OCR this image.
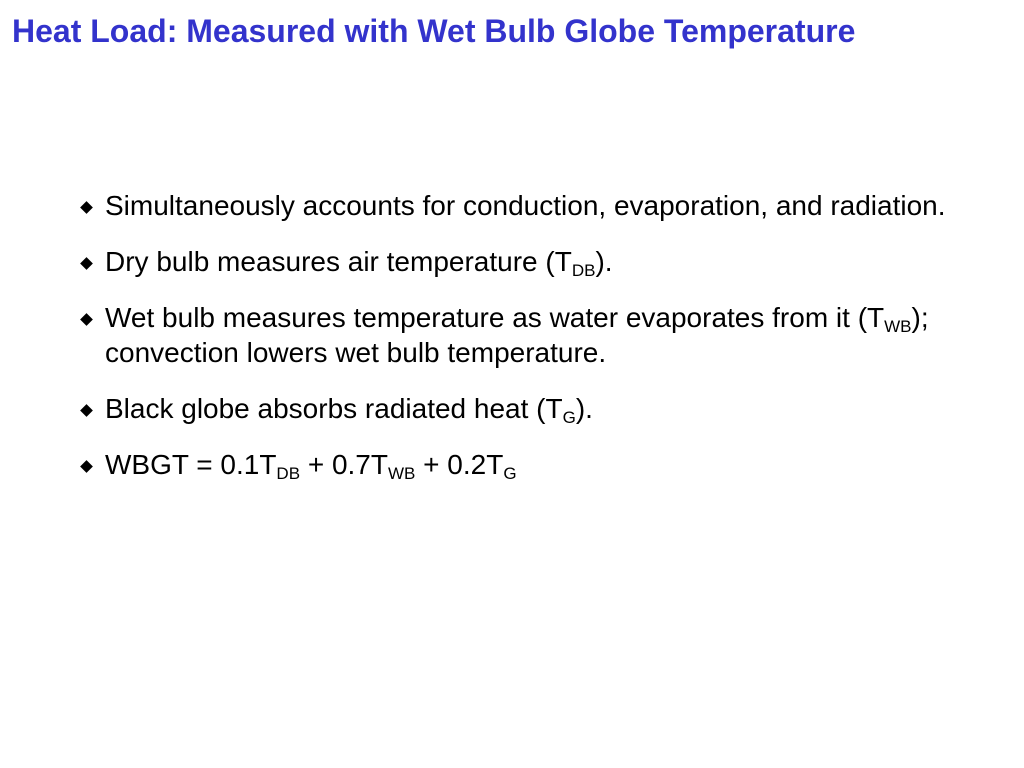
Heat Load: Measured with Wet Bulb Globe Temperature
Simultaneously accounts for conduction, evaporation, and radiation.
Dry bulb measures air temperature $(T_{DB})$.
Wet bulb measures temperature as water evaporates from it $(T_{WB})$; convection lowers wet bulb temperature.
Black globe absorbs radiated heat $(T_G)$.
WBGT = $0.1T_{DB} + 0.7T_{WB} + 0.2T_G$
